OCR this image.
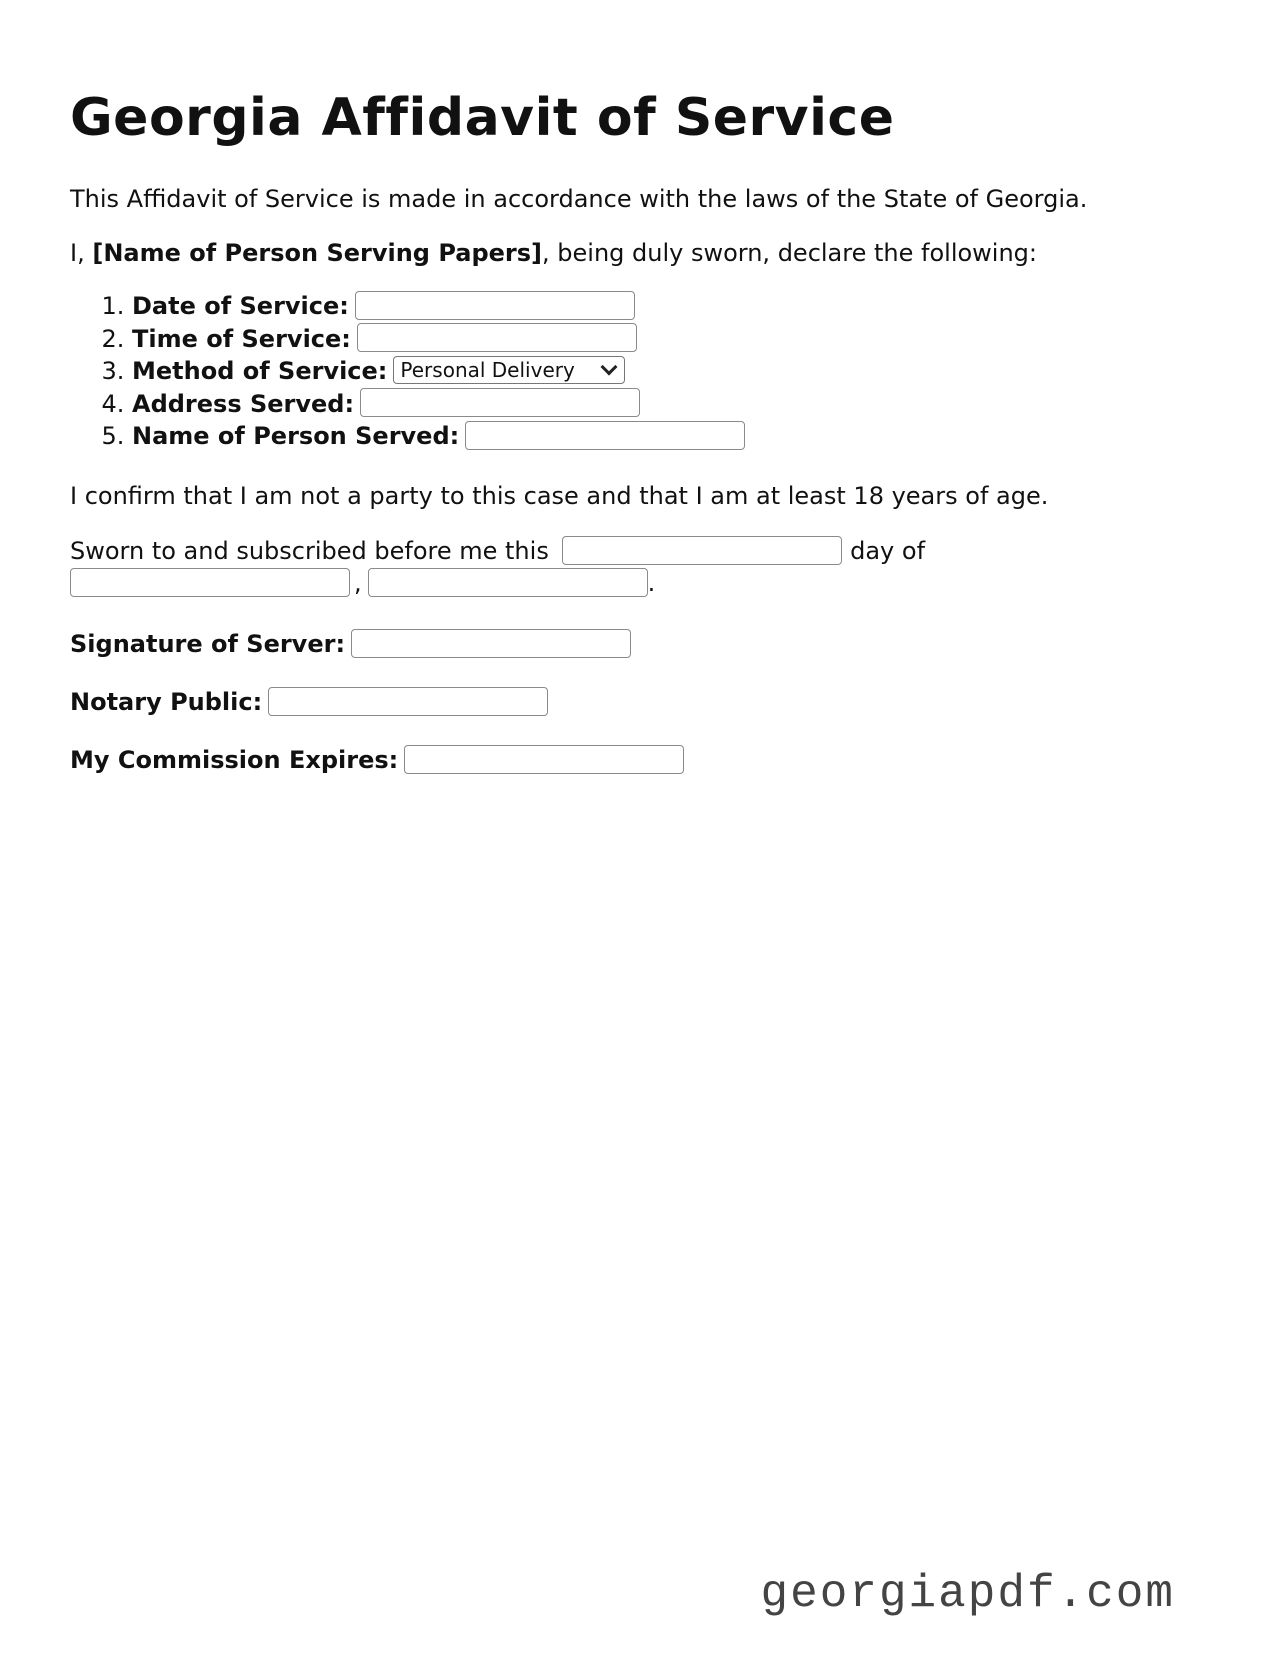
Georgia Affidavit of Service

This Affidavit of Service is made in accordance with the laws of the State of Georgia.

I, [Name of Person Serving Papers], being duly sworn, declare the following:

1. Date of Service:
2. Time of Service:
3. Method of Service: Personal Delivery
4. Address Served:
5. Name of Person Served:

I confirm that I am not a party to this case and that I am at least 18 years of age.

Sworn to and subscribed before me this	day of

,	.

Signature of Server:
Notary Public:
My Commission Expires:
georgiapdf.com
